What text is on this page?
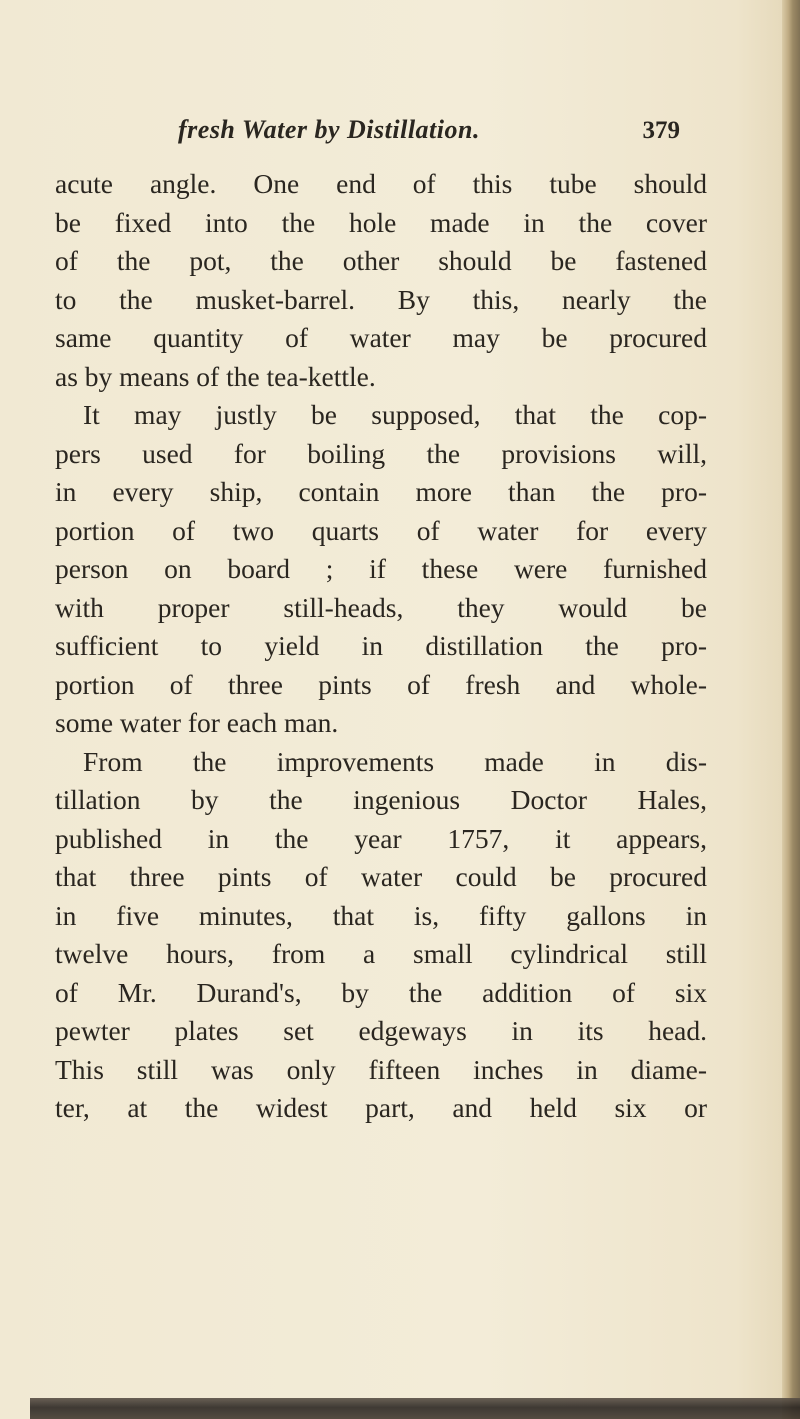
fresh Water by Distillation.	379
acute angle. One end of this tube should
be fixed into the hole made in the cover
of the pot, the other should be fastened
to the musket-barrel. By this, nearly the
same quantity of water may be procured
as by means of the tea-kettle.
It may justly be supposed, that the cop-
pers used for boiling the provisions will,
in every ship, contain more than the pro-
portion of two quarts of water for every
person on board ; if these were furnished
with proper still-heads, they would be
sufficient to yield in distillation the pro-
portion of three pints of fresh and whole-
some water for each man.
From the improvements made in dis-
tillation by the ingenious Doctor Hales,
published in the year 1757, it appears,
that three pints of water could be procured
in five minutes, that is, fifty gallons in
twelve hours, from a small cylindrical still
of Mr. Durand's, by the addition of six
pewter plates set edgeways in its head.
This still was only fifteen inches in diame-
ter, at the widest part, and held six or
